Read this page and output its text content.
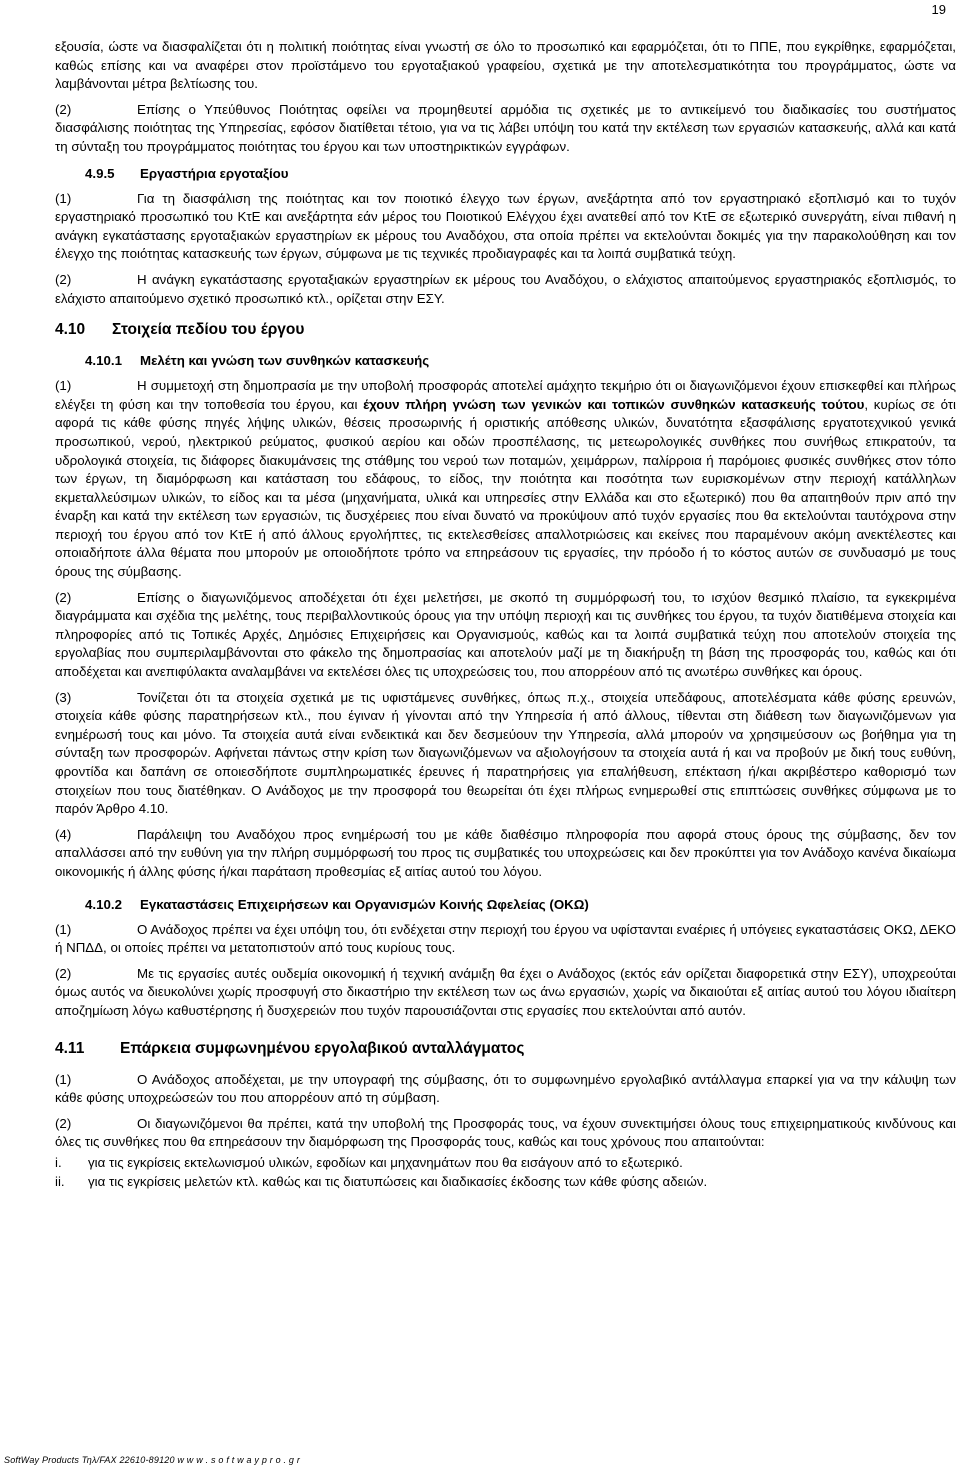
19

εξουσία, ώστε να διασφαλίζεται ότι η πολιτική ποιότητας είναι γνωστή σε όλο το προσωπικό και εφαρμόζεται, ότι το ΠΠΕ, που εγκρίθηκε, εφαρμόζεται, καθώς επίσης και να αναφέρει στον προϊστάμενο του εργοταξιακού γραφείου, σχετικά με την αποτελεσματικότητα του προγράμματος, ώστε να λαμβάνονται μέτρα βελτίωσης του.

(2)	Επίσης ο Υπεύθυνος Ποιότητας οφείλει να προμηθευτεί αρμόδια τις σχετικές με το αντικείμενό του διαδικασίες του συστήματος διασφάλισης ποιότητας της Υπηρεσίας, εφόσον διατίθεται τέτοιο, για να τις λάβει υπόψη του κατά την εκτέλεση των εργασιών κατασκευής, αλλά και κατά τη σύνταξη του προγράμματος ποιότητας του έργου και των υποστηρικτικών εγγράφων.

4.9.5 Εργαστήρια εργοταξίου

(1)	Για τη διασφάλιση της ποιότητας και τον ποιοτικό έλεγχο των έργων, ανεξάρτητα από τον εργαστηριακό εξοπλισμό και το τυχόν εργαστηριακό προσωπικό του ΚτΕ και ανεξάρτητα εάν μέρος του Ποιοτικού Ελέγχου έχει ανατεθεί από τον ΚτΕ σε εξωτερικό συνεργάτη, είναι πιθανή η ανάγκη εγκατάστασης εργοταξιακών εργαστηρίων εκ μέρους του Αναδόχου, στα οποία πρέπει να εκτελούνται δοκιμές για την παρακολούθηση και τον έλεγχο της ποιότητας κατασκευής των έργων, σύμφωνα με τις τεχνικές προδιαγραφές και τα λοιπά συμβατικά τεύχη.

(2)	Η ανάγκη εγκατάστασης εργοταξιακών εργαστηρίων εκ μέρους του Αναδόχου, ο ελάχιστος απαιτούμενος εργαστηριακός εξοπλισμός, το ελάχιστο απαιτούμενο σχετικό προσωπικό κτλ., ορίζεται στην ΕΣΥ.

4.10 Στοιχεία πεδίου του έργου
4.10.1 Μελέτη και γνώση των συνθηκών κατασκευής

(1)	Η συμμετοχή στη δημοπρασία με την υποβολή προσφοράς αποτελεί αμάχητο τεκμήριο ότι οι διαγωνιζόμενοι έχουν επισκεφθεί και πλήρως ελέγξει τη φύση και την τοποθεσία του έργου, και έχουν πλήρη γνώση των γενικών και τοπικών συνθηκών κατασκευής τούτου, κυρίως σε ότι αφορά τις κάθε φύσης πηγές λήψης υλικών, θέσεις προσωρινής ή οριστικής απόθεσης υλικών, δυνατότητα εξασφάλισης εργατοτεχνικού γενικά προσωπικού, νερού, ηλεκτρικού ρεύματος, φυσικού αερίου και οδών προσπέλασης, τις μετεωρολογικές συνθήκες που συνήθως επικρατούν, τα υδρολογικά στοιχεία, τις διάφορες διακυμάνσεις της στάθμης του νερού των ποταμών, χειμάρρων, παλίρροια ή παρόμοιες φυσικές συνθήκες στον τόπο των έργων, τη διαμόρφωση και κατάσταση του εδάφους, το είδος, την ποιότητα και ποσότητα των ευρισκομένων στην περιοχή κατάλληλων εκμεταλλεύσιμων υλικών, το είδος και τα μέσα (μηχανήματα, υλικά και υπηρεσίες στην Ελλάδα και στο εξωτερικό) που θα απαιτηθούν πριν από την έναρξη και κατά την εκτέλεση των εργασιών, τις δυσχέρειες που είναι δυνατό να προκύψουν από τυχόν εργασίες που θα εκτελούνται ταυτόχρονα στην περιοχή του έργου από τον ΚτΕ ή από άλλους εργολήπτες, τις εκτελεσθείσες απαλλοτριώσεις και εκείνες που παραμένουν ακόμη ανεκτέλεστες και οποιαδήποτε άλλα θέματα που μπορούν με οποιοδήποτε τρόπο να επηρεάσουν τις εργασίες, την πρόοδο ή το κόστος αυτών σε συνδυασμό με τους όρους της σύμβασης.

(2)	Επίσης ο διαγωνιζόμενος αποδέχεται ότι έχει μελετήσει, με σκοπό τη συμμόρφωσή του, το ισχύον θεσμικό πλαίσιο, τα εγκεκριμένα διαγράμματα και σχέδια της μελέτης, τους περιβαλλοντικούς όρους για την υπόψη περιοχή και τις συνθήκες του έργου, τα τυχόν διατιθέμενα στοιχεία και πληροφορίες από τις Τοπικές Αρχές, Δημόσιες Επιχειρήσεις και Οργανισμούς, καθώς και τα λοιπά συμβατικά τεύχη που αποτελούν στοιχεία της εργολαβίας που συμπεριλαμβάνονται στο φάκελο της δημοπρασίας και αποτελούν μαζί με τη διακήρυξη τη βάση της προσφοράς του, καθώς και ότι αποδέχεται και ανεπιφύλακτα αναλαμβάνει να εκτελέσει όλες τις υποχρεώσεις του, που απορρέουν από τις ανωτέρω συνθήκες και όρους.

(3)	Τονίζεται ότι τα στοιχεία σχετικά με τις υφιστάμενες συνθήκες, όπως π.χ., στοιχεία υπεδάφους, αποτελέσματα κάθε φύσης ερευνών, στοιχεία κάθε φύσης παρατηρήσεων κτλ., που έγιναν ή γίνονται από την Υπηρεσία ή από άλλους, τίθενται στη διάθεση των διαγωνιζόμενων για ενημέρωσή τους και μόνο. Τα στοιχεία αυτά είναι ενδεικτικά και δεν δεσμεύουν την Υπηρεσία, αλλά μπορούν να χρησιμεύσουν ως βοήθημα για τη σύνταξη των προσφορών. Αφήνεται πάντως στην κρίση των διαγωνιζόμενων να αξιολογήσουν τα στοιχεία αυτά ή και να προβούν με δική τους ευθύνη, φροντίδα και δαπάνη σε οποιεσδήποτε συμπληρωματικές έρευνες ή παρατηρήσεις για επαλήθευση, επέκταση ή/και ακριβέστερο καθορισμό των στοιχείων που τους διατέθηκαν. Ο Ανάδοχος με την προσφορά του θεωρείται ότι έχει πλήρως ενημερωθεί στις επιπτώσεις συνθήκες σύμφωνα με το παρόν Άρθρο 4.10.

(4)	Παράλειψη του Αναδόχου προς ενημέρωσή του με κάθε διαθέσιμο πληροφορία που αφορά στους όρους της σύμβασης, δεν τον απαλλάσσει από την ευθύνη για την πλήρη συμμόρφωσή του προς τις συμβατικές του υποχρεώσεις και δεν προκύπτει για τον Ανάδοχο κανένα δικαίωμα οικονομικής ή άλλης φύσης ή/και παράταση προθεσμίας εξ αιτίας αυτού του λόγου.

4.10.2 Εγκαταστάσεις Επιχειρήσεων και Οργανισμών Κοινής Ωφελείας (ΟΚΩ)

(1)	Ο Ανάδοχος πρέπει να έχει υπόψη του, ότι ενδέχεται στην περιοχή του έργου να υφίστανται εναέριες ή υπόγειες εγκαταστάσεις ΟΚΩ, ΔΕΚΟ ή ΝΠΔΔ, οι οποίες πρέπει να μετατοπιστούν από τους κυρίους τους.

(2)	Με τις εργασίες αυτές ουδεμία οικονομική ή τεχνική ανάμιξη θα έχει ο Ανάδοχος (εκτός εάν ορίζεται διαφορετικά στην ΕΣΥ), υποχρεούται όμως αυτός να διευκολύνει χωρίς προσφυγή στο δικαστήριο την εκτέλεση των ως άνω εργασιών, χωρίς να δικαιούται εξ αιτίας αυτού του λόγου ιδιαίτερη αποζημίωση λόγω καθυστέρησης ή δυσχερειών που τυχόν παρουσιάζονται στις εργασίες που εκτελούνται από αυτόν.

4.11 Επάρκεια συμφωνημένου εργολαβικού ανταλλάγματος

(1)	Ο Ανάδοχος αποδέχεται, με την υπογραφή της σύμβασης, ότι το συμφωνημένο εργολαβικό αντάλλαγμα επαρκεί για να την κάλυψη των κάθε φύσης υποχρεώσεών του που απορρέουν από τη σύμβαση.

(2)	Οι διαγωνιζόμενοι θα πρέπει, κατά την υποβολή της Προσφοράς τους, να έχουν συνεκτιμήσει όλους τους επιχειρηματικούς κινδύνους και όλες τις συνθήκες που θα επηρεάσουν την διαμόρφωση της Προσφοράς τους, καθώς και τους χρόνους που απαιτούνται:

i.	για τις εγκρίσεις εκτελωνισμού υλικών, εφοδίων και μηχανημάτων που θα εισάγουν από το εξωτερικό.
ii.	για τις εγκρίσεις μελετών κτλ. καθώς και τις διατυπώσεις και διαδικασίες έκδοσης των κάθε φύσης αδειών.
SoftWay Products Τηλ/FAX 22610-89120 w w w . s o f t w a y p r o . g r
